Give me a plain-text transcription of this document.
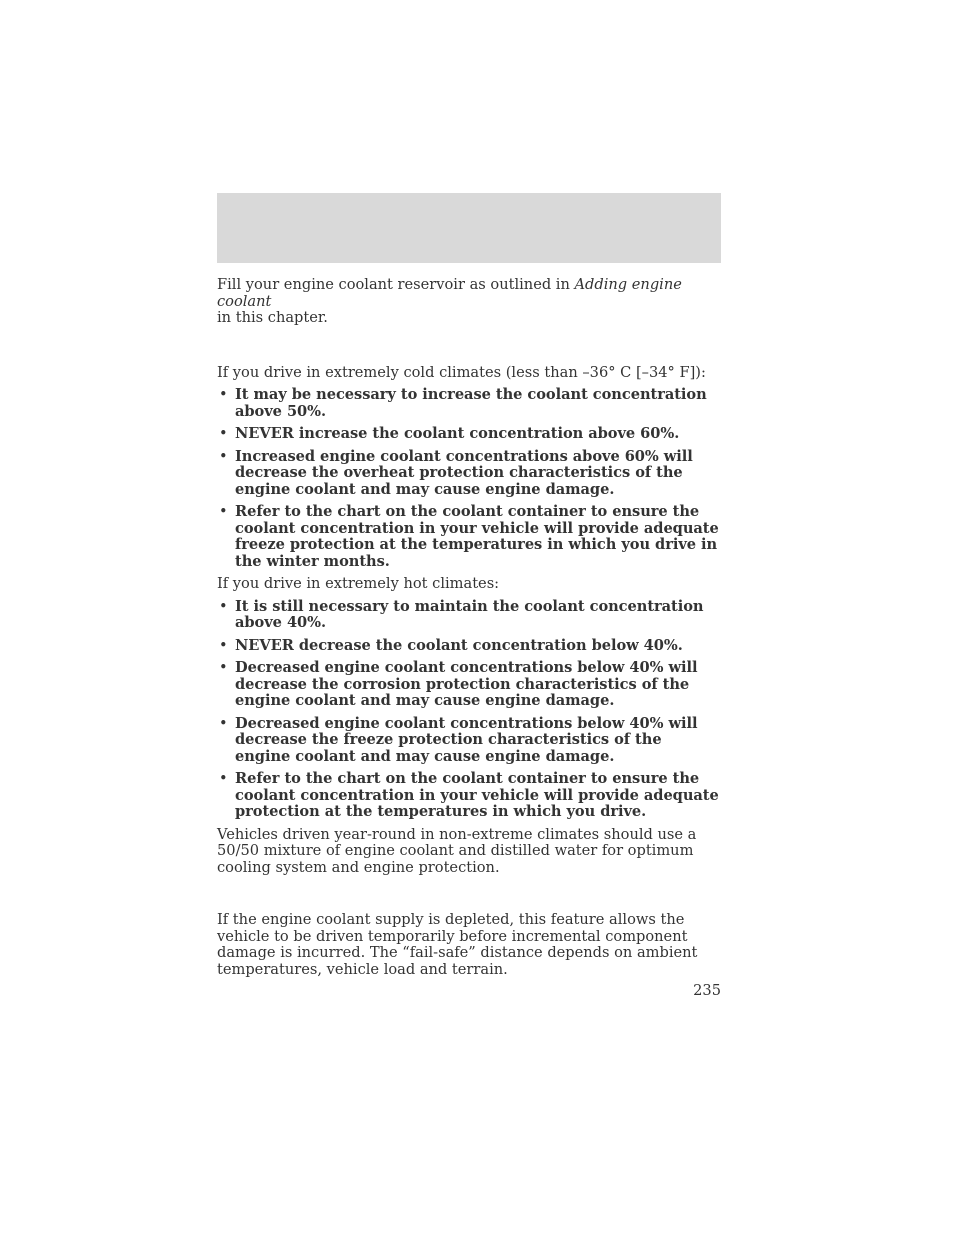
Fill your engine coolant reservoir as outlined in Adding engine coolant
in this chapter.

If you drive in extremely cold climates (less than –36° C [–34° F]):

• It may be necessary to increase the coolant concentration above 50%.
• NEVER increase the coolant concentration above 60%.
• Increased engine coolant concentrations above 60% will decrease the overheat protection characteristics of the engine coolant and may cause engine damage.
• Refer to the chart on the coolant container to ensure the coolant concentration in your vehicle will provide adequate freeze protection at the temperatures in which you drive in the winter months.

If you drive in extremely hot climates:

• It is still necessary to maintain the coolant concentration above 40%.
• NEVER decrease the coolant concentration below 40%.
• Decreased engine coolant concentrations below 40% will decrease the corrosion protection characteristics of the engine coolant and may cause engine damage.
• Decreased engine coolant concentrations below 40% will decrease the freeze protection characteristics of the engine coolant and may cause engine damage.
• Refer to the chart on the coolant container to ensure the coolant concentration in your vehicle will provide adequate protection at the temperatures in which you drive.

Vehicles driven year-round in non-extreme climates should use a 50/50 mixture of engine coolant and distilled water for optimum cooling system and engine protection.

If the engine coolant supply is depleted, this feature allows the vehicle to be driven temporarily before incremental component damage is incurred. The “fail-safe” distance depends on ambient temperatures, vehicle load and terrain.

235
